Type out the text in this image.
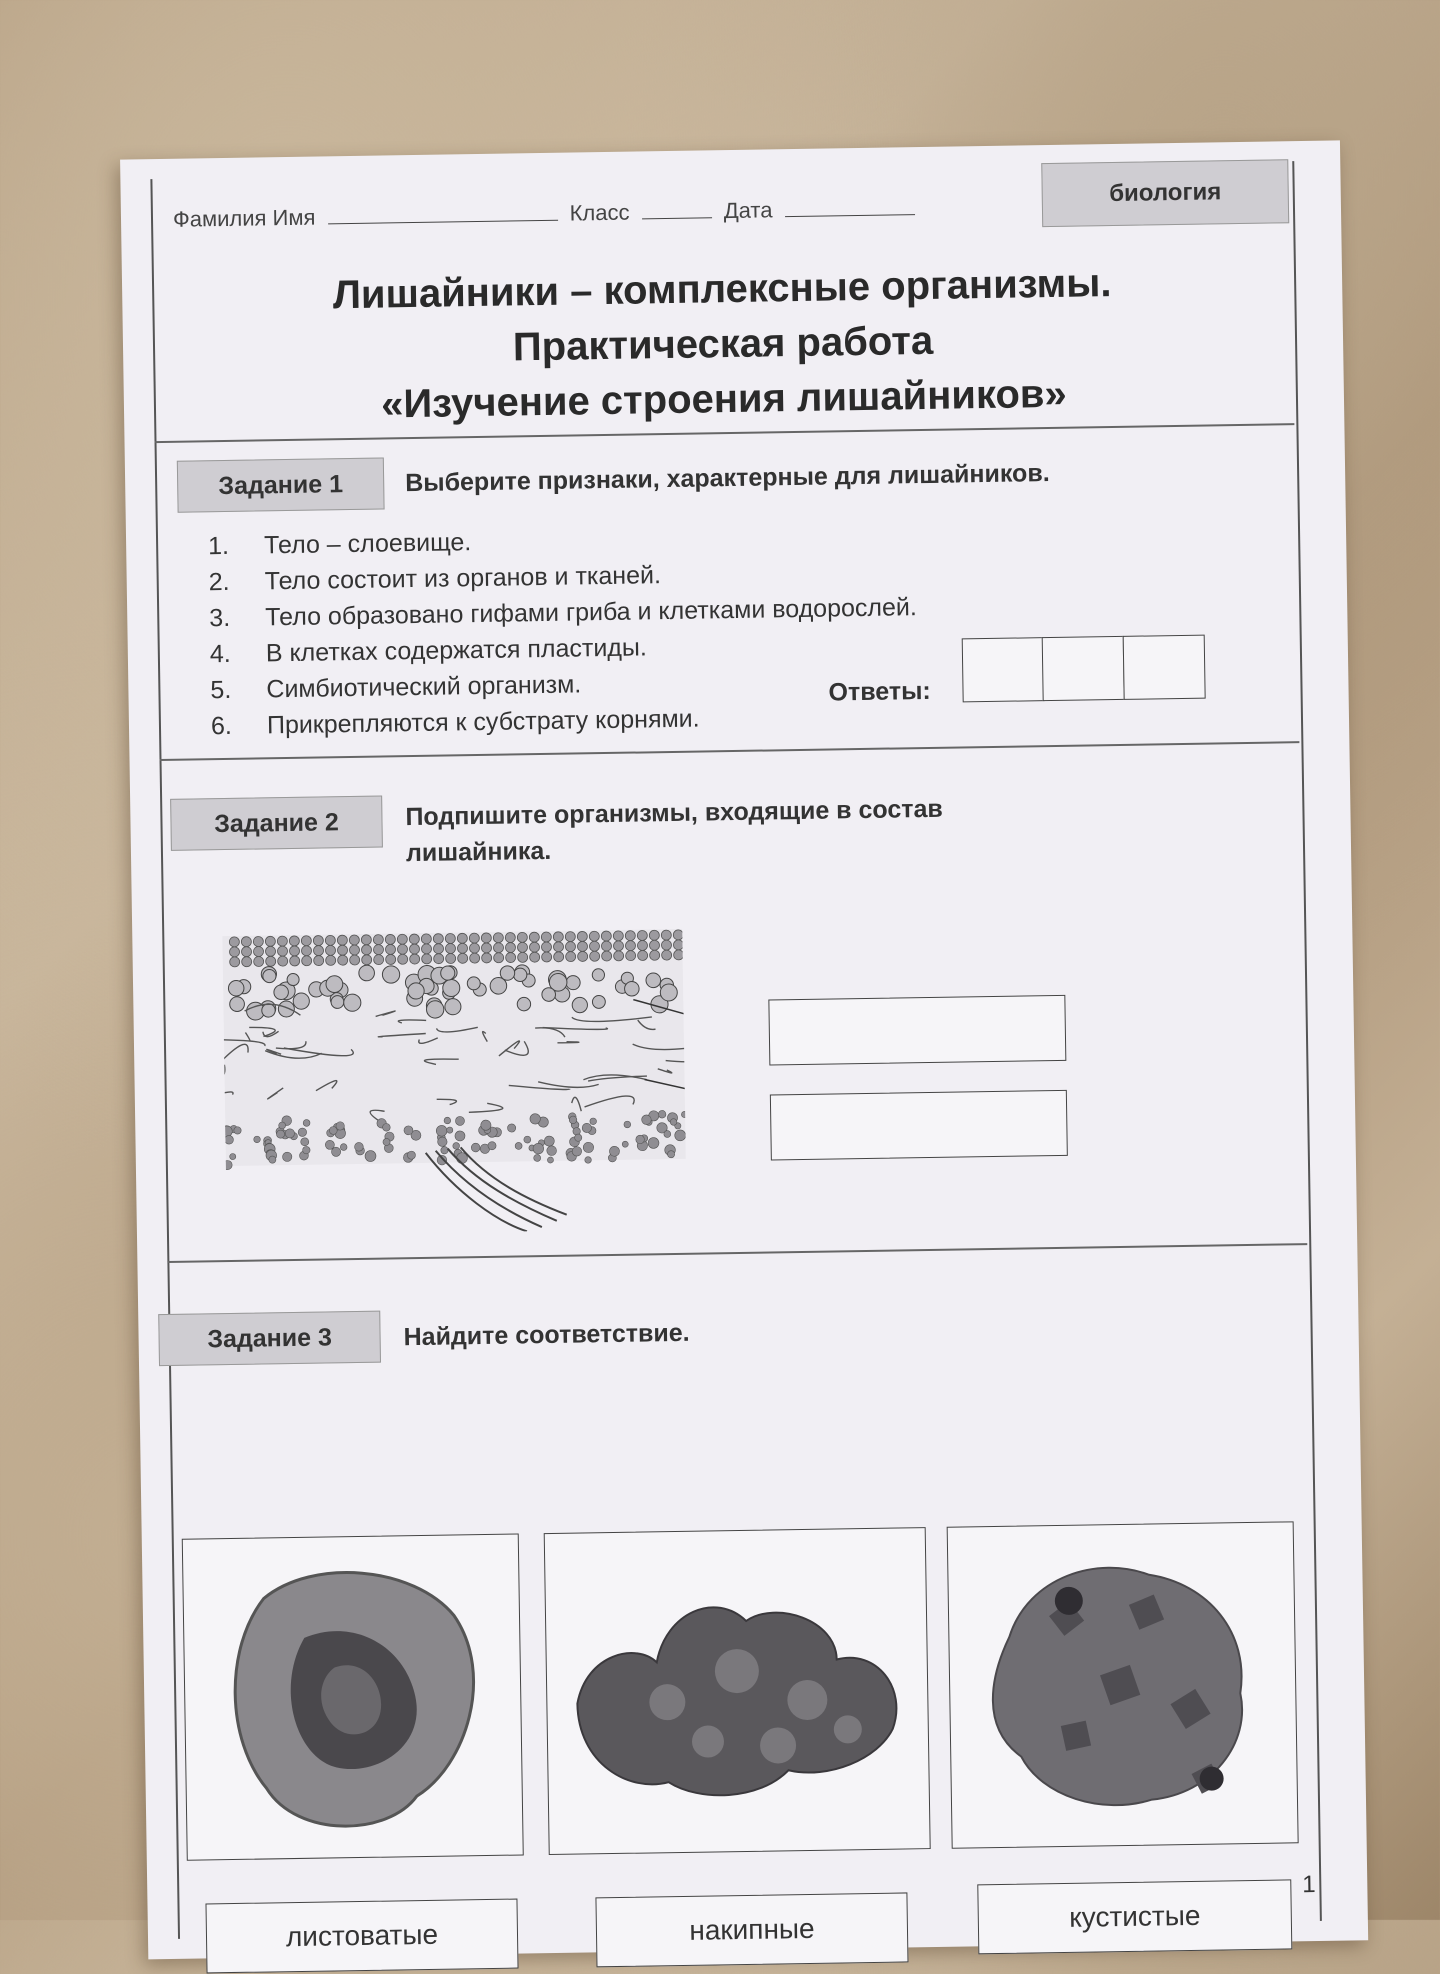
Фамилия Имя	Класс	Дата
биология
Лишайники – комплексные организмы.
Практическая работа
«Изучение строения лишайников»
Задание 1	Выберите признаки, характерные для лишайников.
1. Тело – слоевище.
2. Тело состоит из органов и тканей.
3. Тело образовано гифами гриба и клетками водорослей.
4. В клетках содержатся пластиды.
5. Симбиотический организм.
6. Прикрепляются к субстрату корнями.
Ответы:
Задание 2	Подпишите организмы, входящие в состав
лишайника.
Задание 3	Найдите соответствие.
листоватые	накипные	кустистые
1
